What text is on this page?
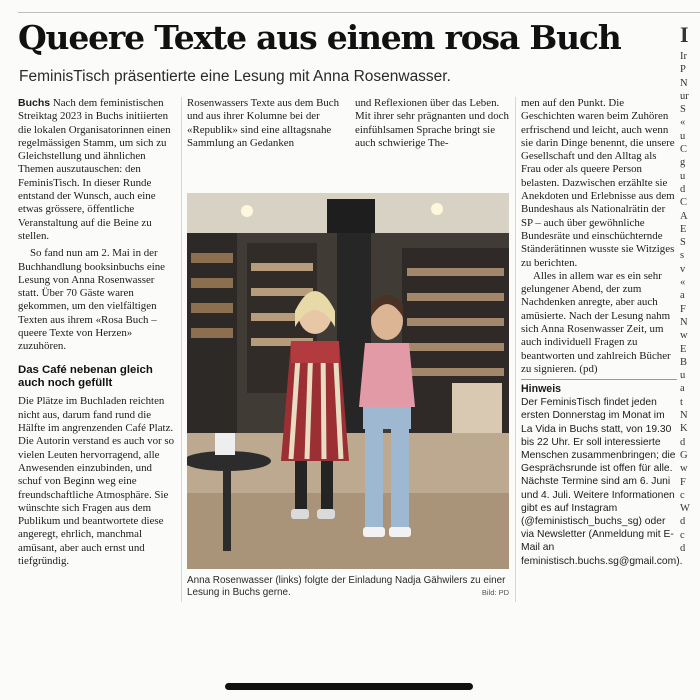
Queere Texte aus einem rosa Buch

FeminisTisch präsentierte eine Lesung mit Anna Rosenwasser.

Buchs Nach dem feministischen Streiktag 2023 in Buchs initiierten die lokalen Organisatorinnen einen regelmässigen Stamm, um sich zu Gleichstellung und ähnlichen Themen auszutauschen: den FeminisTisch. In dieser Runde entstand der Wunsch, auch eine etwas grössere, öffentliche Veranstaltung auf die Beine zu stellen.

So fand nun am 2. Mai in der Buchhandlung booksinbuchs eine Lesung von Anna Rosenwasser statt. Über 70 Gäste waren gekommen, um den vielfältigen Texten aus ihrem «Rosa Buch – queere Texte von Herzen» zuzuhören.

Das Café nebenan gleich auch noch gefüllt

Die Plätze im Buchladen reichten nicht aus, darum fand rund die Hälfte im angrenzenden Café Platz. Die Autorin verstand es auch vor so vielen Leuten hervorragend, alle Anwesenden einzubinden, und schuf von Beginn weg eine freundschaftliche Atmosphäre. Sie wünschte sich Fragen aus dem Publikum und beantwortete diese angeregt, ehrlich, manchmal amüsant, aber auch ernst und tiefgründig.

Rosenwassers Texte aus dem Buch und aus ihrer Kolumne bei der «Republik» sind eine alltagsnahe Sammlung an Gedanken

und Reflexionen über das Leben. Mit ihrer sehr prägnanten und doch einfühlsamen Sprache bringt sie auch schwierige The-

Anna Rosenwasser (links) folgte der Einladung Nadja Gähwilers zu einer Lesung in Buchs gerne.	Bild: PD

men auf den Punkt. Die Geschichten waren beim Zuhören erfrischend und leicht, auch wenn sie darin Dinge benennt, die unsere Gesellschaft und den Alltag als Frau oder als queere Person belasten. Dazwischen erzählte sie Anekdoten und Erlebnisse aus dem Bundeshaus als Nationalrätin der SP – auch über gewöhnliche Bundesräte und einschüchternde Ständerätinnen wusste sie Witziges zu berichten.

Alles in allem war es ein sehr gelungener Abend, der zum Nachdenken anregte, aber auch amüsierte. Nach der Lesung nahm sich Anna Rosenwasser Zeit, um auch individuell Fragen zu beantworten und zahlreich Bücher zu signieren. (pd)

Hinweis
Der FeminisTisch findet jeden ersten Donnerstag im Monat im La Vida in Buchs statt, von 19.30 bis 22 Uhr. Er soll interessierte Menschen zusammenbringen; die Gesprächsrunde ist offen für alle. Nächste Termine sind am 6. Juni und 4. Juli. Weitere Informationen gibt es auf Instagram (@feministisch_buchs_sg) oder via Newsletter (Anmeldung mit E-Mail an feministisch.buchs.sg@gmail.com).
I
Ir
P
N
ur
S
«
u
C
g
u
d
C
A
E
S
s
v
«
a
F
N
w
E
B
u
a
t
N
K
d
G
w
F
c
W
d
c
d
